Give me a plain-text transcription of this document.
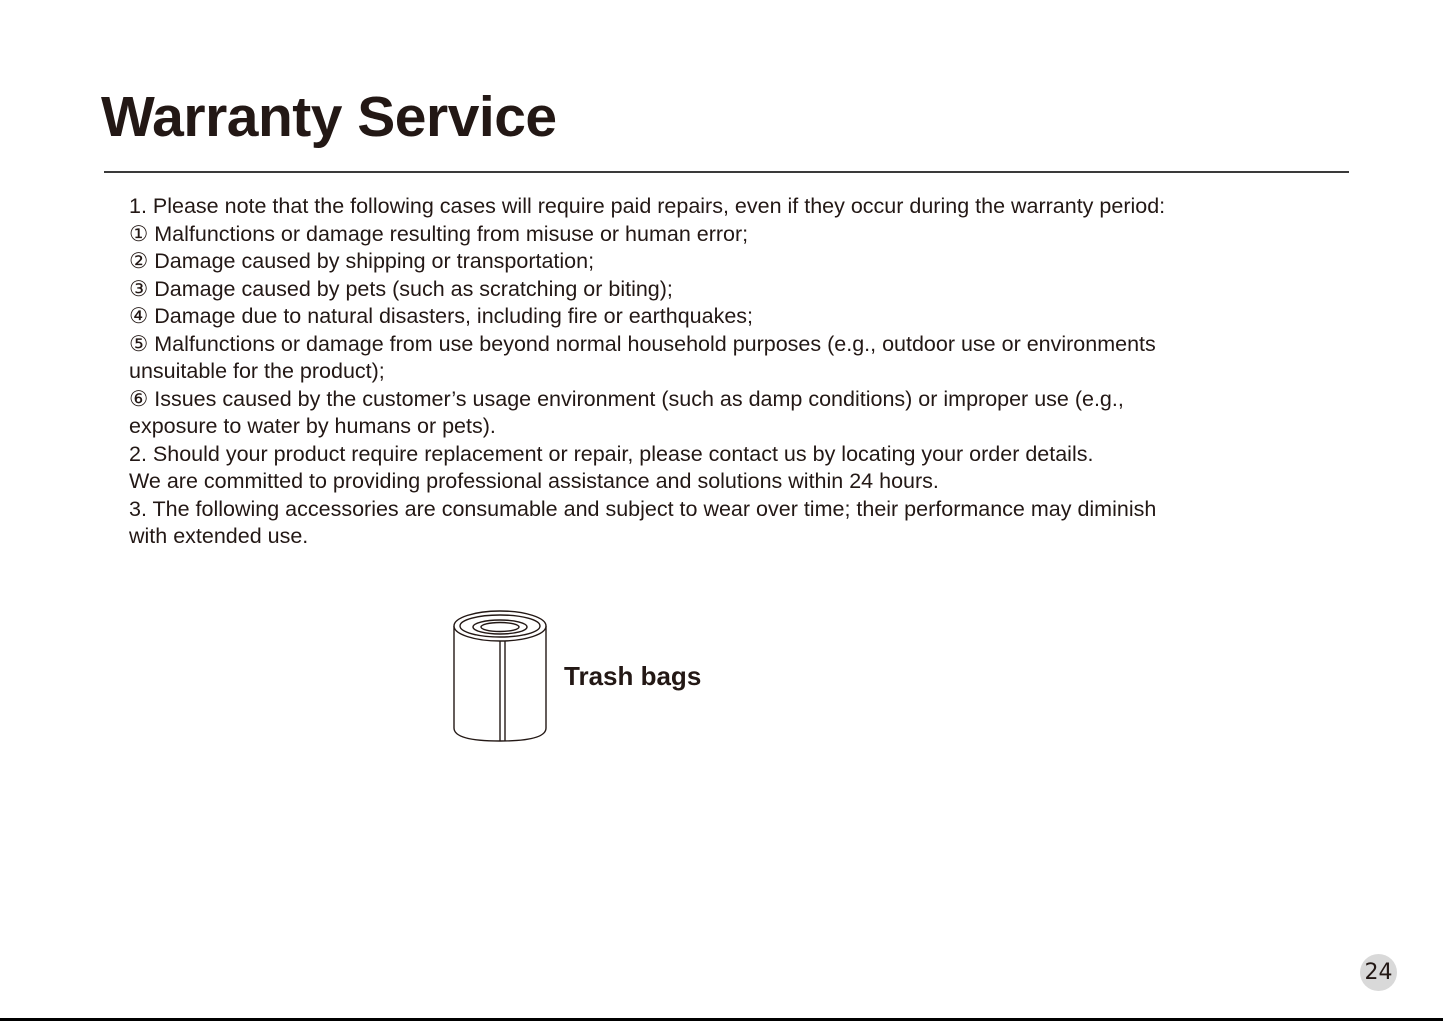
Warranty Service
1. Please note that the following cases will require paid repairs, even if they occur during the warranty period:
① Malfunctions or damage resulting from misuse or human error;
② Damage caused by shipping or transportation;
③ Damage caused by pets (such as scratching or biting);
④ Damage due to natural disasters, including fire or earthquakes;
⑤ Malfunctions or damage from use beyond normal household purposes (e.g., outdoor use or environments
unsuitable for the product);
⑥ Issues caused by the customer’s usage environment (such as damp conditions) or improper use (e.g.,
exposure to water by humans or pets).
2. Should your product require replacement or repair, please contact us by locating your order details.
We are committed to providing professional assistance and solutions within 24 hours.
3. The following accessories are consumable and subject to wear over time; their performance may diminish
with extended use.
Trash bags
24
